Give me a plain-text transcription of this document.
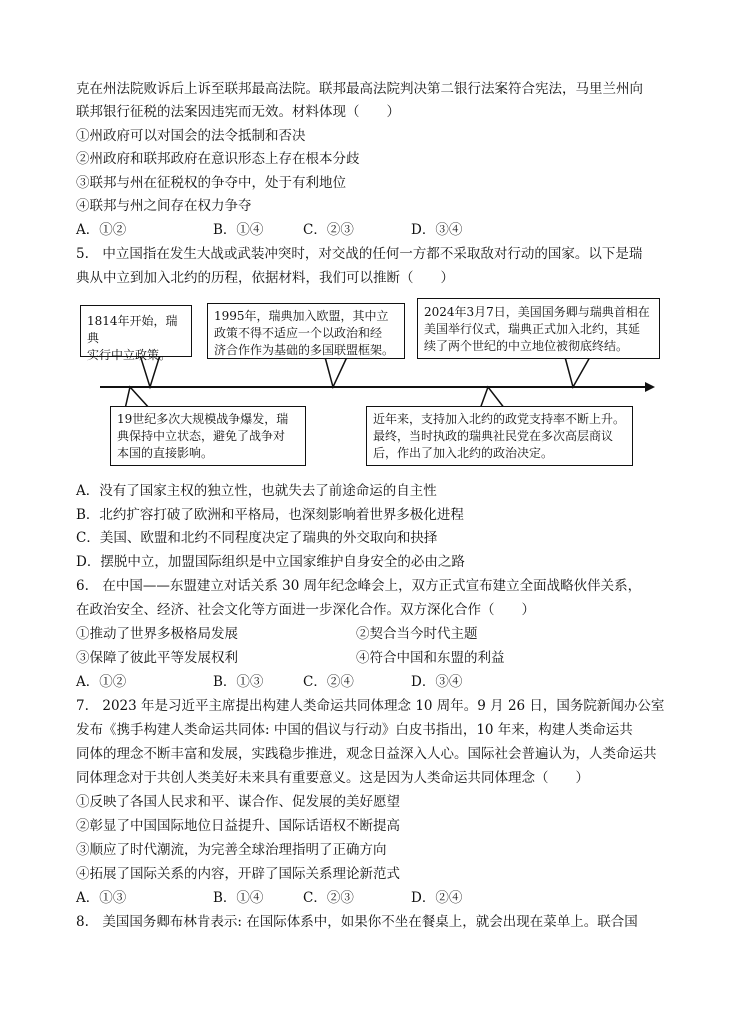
克在州法院败诉后上诉至联邦最高法院。联邦最高法院判决第二银行法案符合宪法，马里兰州向
联邦银行征税的法案因违宪而无效。材料体现（　　）
①州政府可以对国会的法令抵制和否决
②州政府和联邦政府在意识形态上存在根本分歧
③联邦与州在征税权的争夺中，处于有利地位
④联邦与州之间存在权力争夺
A．①②	B．①④	C．②③	D．③④
5.　中立国指在发生大战或武装冲突时，对交战的任何一方都不采取敌对行动的国家。以下是瑞
典从中立到加入北约的历程，依据材料，我们可以推断（　　）
1814年开始，瑞典
实行中立政策。
1995年，瑞典加入欧盟，其中立
政策不得不适应一个以政治和经
济合作作为基础的多国联盟框架。
2024年3月7日，美国国务卿与瑞典首相在
美国举行仪式，瑞典正式加入北约，其延
续了两个世纪的中立地位被彻底终结。
19世纪多次大规模战争爆发，瑞
典保持中立状态，避免了战争对
本国的直接影响。
近年来，支持加入北约的政党支持率不断上升。
最终，当时执政的瑞典社民党在多次高层商议
后，作出了加入北约的政治决定。
A．没有了国家主权的独立性，也就失去了前途命运的自主性
B．北约扩容打破了欧洲和平格局，也深刻影响着世界多极化进程
C．美国、欧盟和北约不同程度决定了瑞典的外交取向和抉择
D．摆脱中立，加盟国际组织是中立国家维护自身安全的必由之路
6.　在中国——东盟建立对话关系 30 周年纪念峰会上，双方正式宣布建立全面战略伙伴关系，
在政治安全、经济、社会文化等方面进一步深化合作。双方深化合作（　　）
①推动了世界多极格局发展	②契合当今时代主题
③保障了彼此平等发展权利	④符合中国和东盟的利益
A．①②	B．①③	C．②④	D．③④
7.　2023 年是习近平主席提出构建人类命运共同体理念 10 周年。9 月 26 日，国务院新闻办公室
发布《携手构建人类命运共同体: 中国的倡议与行动》白皮书指出，10 年来，构建人类命运共
同体的理念不断丰富和发展，实践稳步推进，观念日益深入人心。国际社会普遍认为，人类命运共
同体理念对于共创人类美好未来具有重要意义。这是因为人类命运共同体理念（　　）
①反映了各国人民求和平、谋合作、促发展的美好愿望
②彰显了中国国际地位日益提升、国际话语权不断提高
③顺应了时代潮流，为完善全球治理指明了正确方向
④拓展了国际关系的内容，开辟了国际关系理论新范式
A．①③	B．①④	C．②③	D．②④
8.　美国国务卿布林肯表示: 在国际体系中，如果你不坐在餐桌上，就会出现在菜单上。联合国
